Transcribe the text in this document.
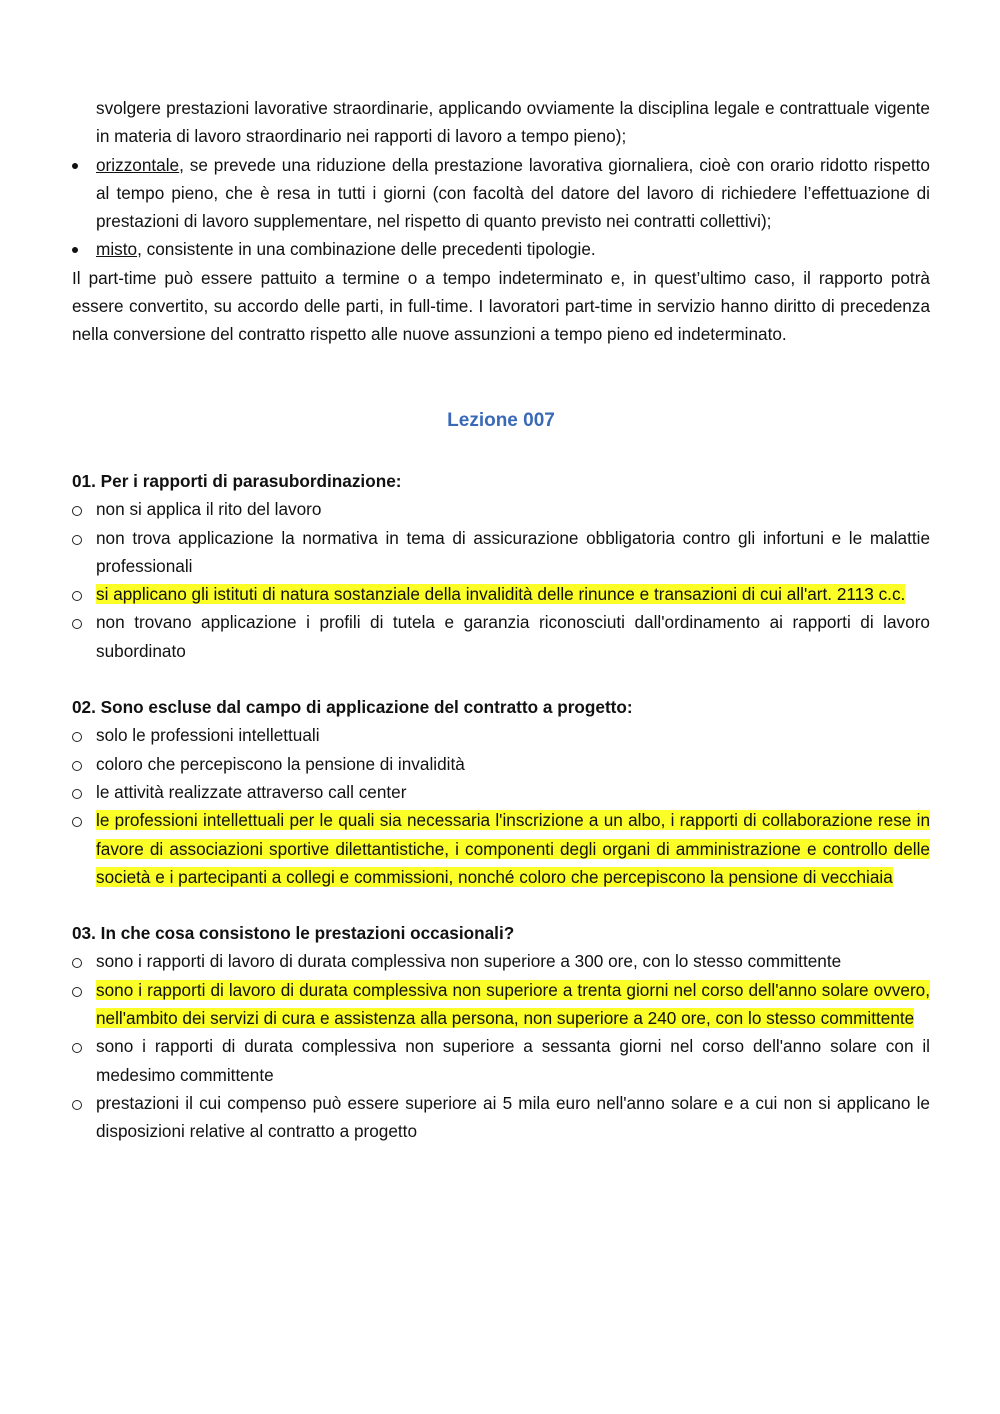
svolgere prestazioni lavorative straordinarie, applicando ovviamente la disciplina legale e contrattuale vigente in materia di lavoro straordinario nei rapporti di lavoro a tempo pieno);
orizzontale, se prevede una riduzione della prestazione lavorativa giornaliera, cioè con orario ridotto rispetto al tempo pieno, che è resa in tutti i giorni (con facoltà del datore del lavoro di richiedere l’effettuazione di prestazioni di lavoro supplementare, nel rispetto di quanto previsto nei contratti collettivi);
misto, consistente in una combinazione delle precedenti tipologie.
Il part-time può essere pattuito a termine o a tempo indeterminato e, in quest’ultimo caso, il rapporto potrà essere convertito, su accordo delle parti, in full-time. I lavoratori part-time in servizio hanno diritto di precedenza nella conversione del contratto rispetto alle nuove assunzioni a tempo pieno ed indeterminato.
Lezione 007

01. Per i rapporti di parasubordinazione:

non si applica il rito del lavoro
non trova applicazione la normativa in tema di assicurazione obbligatoria contro gli infortuni e le malattie professionali
si applicano gli istituti di natura sostanziale della invalidità delle rinunce e transazioni di cui all'art. 2113 c.c.
non trovano applicazione i profili di tutela e garanzia riconosciuti dall'ordinamento ai rapporti di lavoro subordinato

02. Sono escluse dal campo di applicazione del contratto a progetto:

solo le professioni intellettuali
coloro che percepiscono la pensione di invalidità
le attività realizzate attraverso call center
le professioni intellettuali per le quali sia necessaria l'inscrizione a un albo, i rapporti di collaborazione rese in favore di associazioni sportive dilettantistiche, i componenti degli organi di amministrazione e controllo delle società e i partecipanti a collegi e commissioni, nonché coloro che percepiscono la pensione di vecchiaia

03. In che cosa consistono le prestazioni occasionali?

sono i rapporti di lavoro di durata complessiva non superiore a 300 ore, con lo stesso committente
sono i rapporti di lavoro di durata complessiva non superiore a trenta giorni nel corso dell'anno solare ovvero, nell'ambito dei servizi di cura e assistenza alla persona, non superiore a 240 ore, con lo stesso committente
sono i rapporti di durata complessiva non superiore a sessanta giorni nel corso dell'anno solare con il medesimo committente
prestazioni il cui compenso può essere superiore ai 5 mila euro nell'anno solare e a cui non si applicano le disposizioni relative al contratto a progetto
